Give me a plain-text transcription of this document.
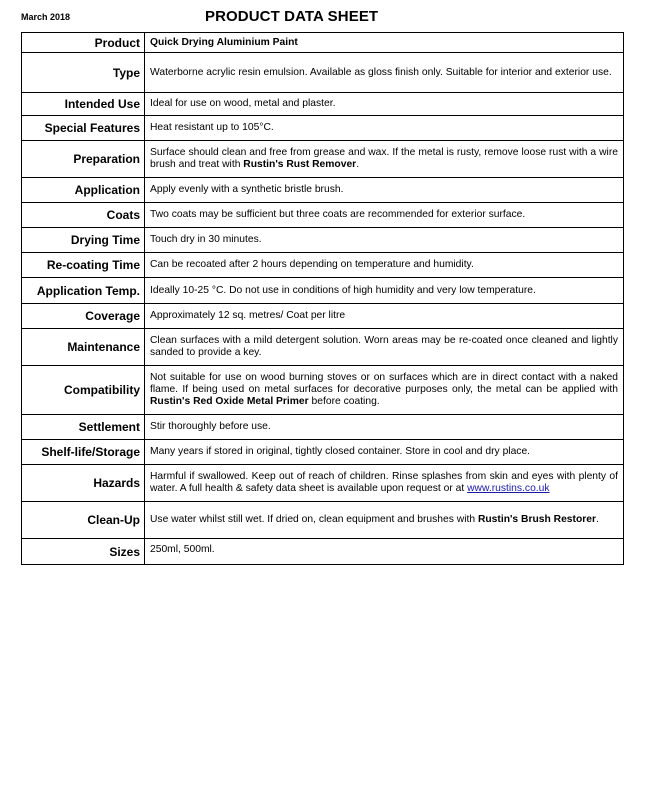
March 2018	PRODUCT DATA SHEET
Product	Quick Drying Aluminium Paint
Type	Waterborne acrylic resin emulsion. Available as gloss finish only. Suitable for interior and exterior use.
Intended Use	Ideal for use on wood, metal and plaster.
Special Features	Heat resistant up to 105°C.
Preparation	Surface should clean and free from grease and wax. If the metal is rusty, remove loose rust with a wire brush and treat with Rustin's Rust Remover.
Application	Apply evenly with a synthetic bristle brush.
Coats	Two coats may be sufficient but three coats are recommended for exterior surface.
Drying Time	Touch dry in 30 minutes.
Re-coating Time	Can be recoated after 2 hours depending on temperature and humidity.
Application Temp.	Ideally 10-25 °C. Do not use in conditions of high humidity and very low temperature.
Coverage	Approximately 12 sq. metres/ Coat per litre
Maintenance	Clean surfaces with a mild detergent solution. Worn areas may be re-coated once cleaned and lightly sanded to provide a key.
Compatibility	Not suitable for use on wood burning stoves or on surfaces which are in direct contact with a naked flame. If being used on metal surfaces for decorative purposes only, the metal can be applied with Rustin's Red Oxide Metal Primer before coating.
Settlement	Stir thoroughly before use.
Shelf-life/Storage	Many years if stored in original, tightly closed container. Store in cool and dry place.
Hazards	Harmful if swallowed. Keep out of reach of children. Rinse splashes from skin and eyes with plenty of water. A full health & safety data sheet is available upon request or at www.rustins.co.uk
Clean-Up	Use water whilst still wet. If dried on, clean equipment and brushes with Rustin's Brush Restorer.
Sizes	250ml, 500ml.
